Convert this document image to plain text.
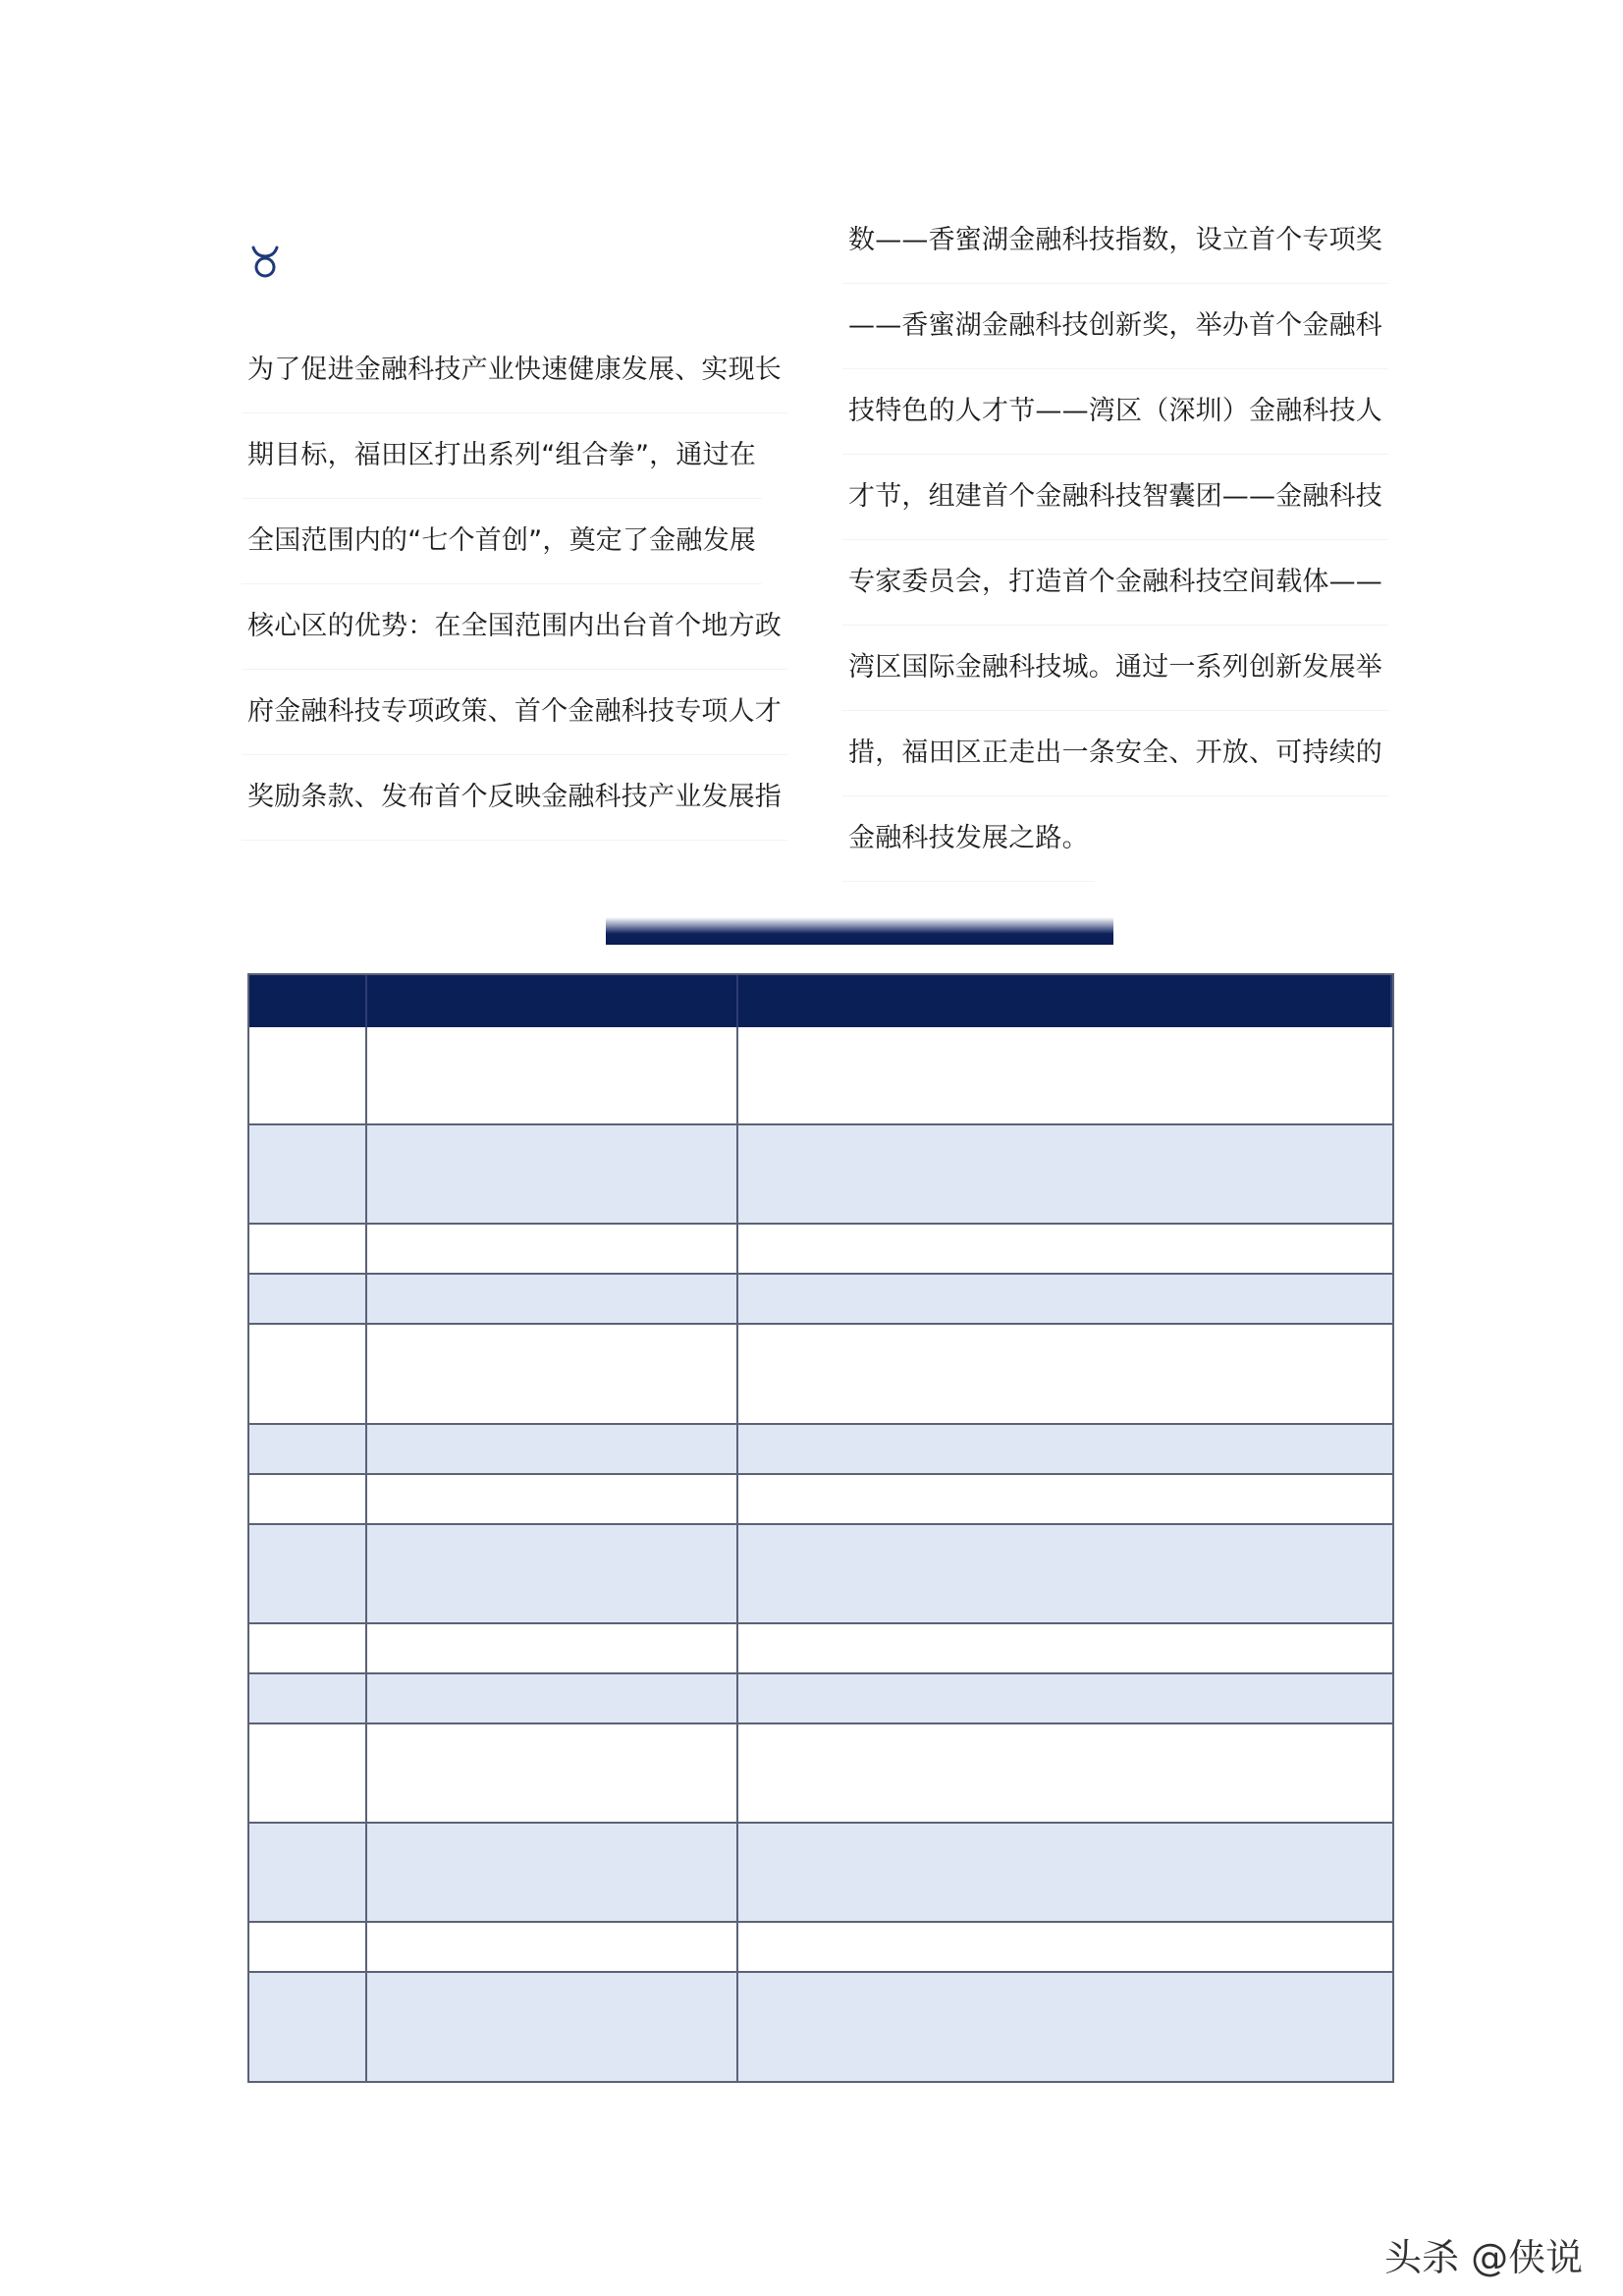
为了促进金融科技产业快速健康发展、实现长
期目标，福田区打出系列“组合拳”，通过在
全国范围内的“七个首创”，奠定了金融发展
核心区的优势：在全国范围内出台首个地方政
府金融科技专项政策、首个金融科技专项人才
奖励条款、发布首个反映金融科技产业发展指
数——香蜜湖金融科技指数，设立首个专项奖
——香蜜湖金融科技创新奖，举办首个金融科
技特色的人才节——湾区（深圳）金融科技人
才节，组建首个金融科技智囊团——金融科技
专家委员会，打造首个金融科技空间载体——
湾区国际金融科技城。通过一系列创新发展举
措，福田区正走出一条安全、开放、可持续的
金融科技发展之路。
头杀 @侠说
